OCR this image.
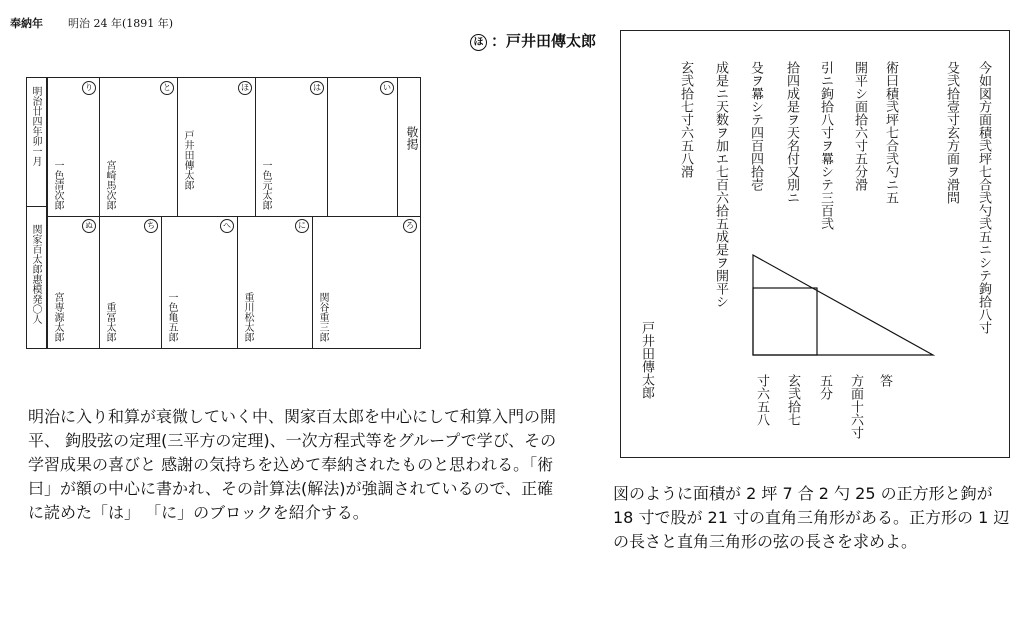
奉納年 明治 24 年(1891 年)
明治廿四年卯一月
関家百太郎惠模発〇人
り
一色清次郎
と
宮崎馬次郎
ほ
戸井田傳太郎
は
一色元太郎
い
敬掲
ぬ
宮専源太郎
ち
重冨太郎
へ
一色亀五郎
に
重川松太郎
ろ
関谷重三郎
明治に入り和算が衰微していく中、関家百太郎を中心にして和算入門の開平、 鉤股弦の定理(三平方の定理)、一次方程式等をグループで学び、その学習成果の喜びと 感謝の気持ちを込めて奉納されたものと思われる。「術曰」が額の中心に書かれ、その計算法(解法)が強調されているので、正確に読めた「は」 「に」のブロックを紹介する。
ほ ：戸井田傳太郎
今如図方面積弐坪七合弐勺弐五ニシテ鉤拾八寸
殳弐拾壹寸玄方面ヲ滑問
術曰積弐坪七合弐勺ニ五
開平シ面拾六寸五分滑
引ニ鉤拾八寸ヲ羃シテ三百弐
拾四成是ヲ天名付又別ニ
殳ヲ羃シテ四百四拾壱
成是ニ天数ヲ加エ七百六拾五成是ヲ開平シ
玄弐拾七寸六五八滑
答
方面十六寸
五分
玄弐拾七
寸六五八
戸井田傳太郎
図のように面積が 2 坪 7 合 2 勺 25 の正方形と鉤が 18 寸で股が 21 寸の直角三角形がある。正方形の 1 辺の長さと直角三角形の弦の長さを求めよ。
